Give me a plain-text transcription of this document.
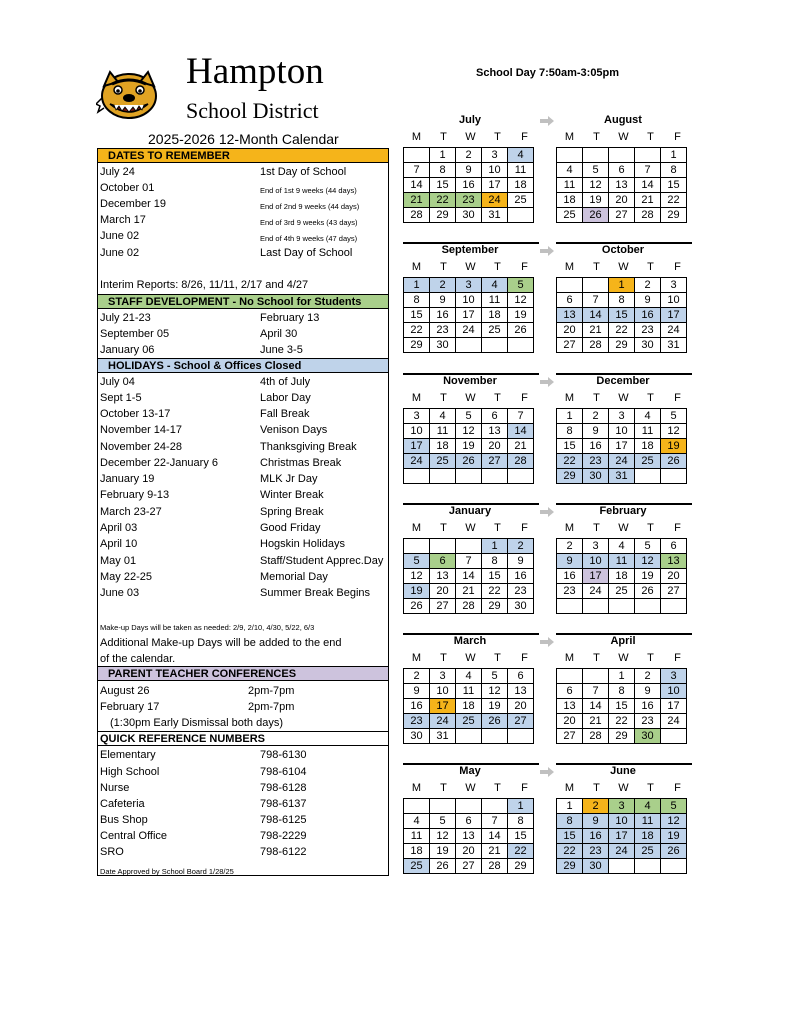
Hampton
School District
2025-2026 12-Month Calendar
School Day 7:50am-3:05pm
DATES TO REMEMBER
July 24	1st Day of School
October 01	End of 1st 9 weeks (44 days)
December 19	End of 2nd 9 weeks (44 days)
March 17	End of 3rd 9 weeks (43 days)
June 02	End of 4th 9 weeks (47 days)
June 02	Last Day of School
Interim Reports: 8/26, 11/11, 2/17 and 4/27
STAFF DEVELOPMENT - No School for Students
July 21-23	February 13
September 05	April 30
January 06	June 3-5
HOLIDAYS - School & Offices Closed
July 04	4th of July
Sept 1-5	Labor Day
October 13-17	Fall Break
November 14-17	Venison Days
November 24-28	Thanksgiving Break
December 22-January 6	Christmas Break
January 19	MLK Jr Day
February 9-13	Winter Break
March 23-27	Spring Break
April 03	Good Friday
April 10	Hogskin Holidays
May 01	Staff/Student Apprec.Day
May 22-25	Memorial Day
June 03	Summer Break Begins
Make-up Days will be taken as needed: 2/9, 2/10, 4/30, 5/22, 6/3
Additional Make-up Days will be added to the end
of the calendar.
PARENT TEACHER CONFERENCES
August 26	2pm-7pm
February 17	2pm-7pm
(1:30pm Early Dismissal both days)
QUICK REFERENCE NUMBERS
Elementary	798-6130
High School	798-6104
Nurse	798-6128
Cafeteria	798-6137
Bus Shop	798-6125
Central Office	798-2229
SRO	798-6122
Date Approved by School Board 1/28/25
July
M	T	W	T	F
	1	2	3	4
7	8	9	10	11
14	15	16	17	18
21	22	23	24	25
28	29	30	31	
August
M	T	W	T	F
				1
4	5	6	7	8
11	12	13	14	15
18	19	20	21	22
25	26	27	28	29
September
M	T	W	T	F
1	2	3	4	5
8	9	10	11	12
15	16	17	18	19
22	23	24	25	26
29	30			
October
M	T	W	T	F
		1	2	3
6	7	8	9	10
13	14	15	16	17
20	21	22	23	24
27	28	29	30	31
November
M	T	W	T	F
3	4	5	6	7
10	11	12	13	14
17	18	19	20	21
24	25	26	27	28

December
M	T	W	T	F
1	2	3	4	5
8	9	10	11	12
15	16	17	18	19
22	23	24	25	26
29	30	31		
January
M	T	W	T	F
			1	2
5	6	7	8	9
12	13	14	15	16
19	20	21	22	23
26	27	28	29	30
February
M	T	W	T	F
2	3	4	5	6
9	10	11	12	13
16	17	18	19	20
23	24	25	26	27

March
M	T	W	T	F
2	3	4	5	6
9	10	11	12	13
16	17	18	19	20
23	24	25	26	27
30	31			
April
M	T	W	T	F
		1	2	3
6	7	8	9	10
13	14	15	16	17
20	21	22	23	24
27	28	29	30	
May
M	T	W	T	F
				1
4	5	6	7	8
11	12	13	14	15
18	19	20	21	22
25	26	27	28	29
June
M	T	W	T	F
1	2	3	4	5
8	9	10	11	12
15	16	17	18	19
22	23	24	25	26
29	30			
